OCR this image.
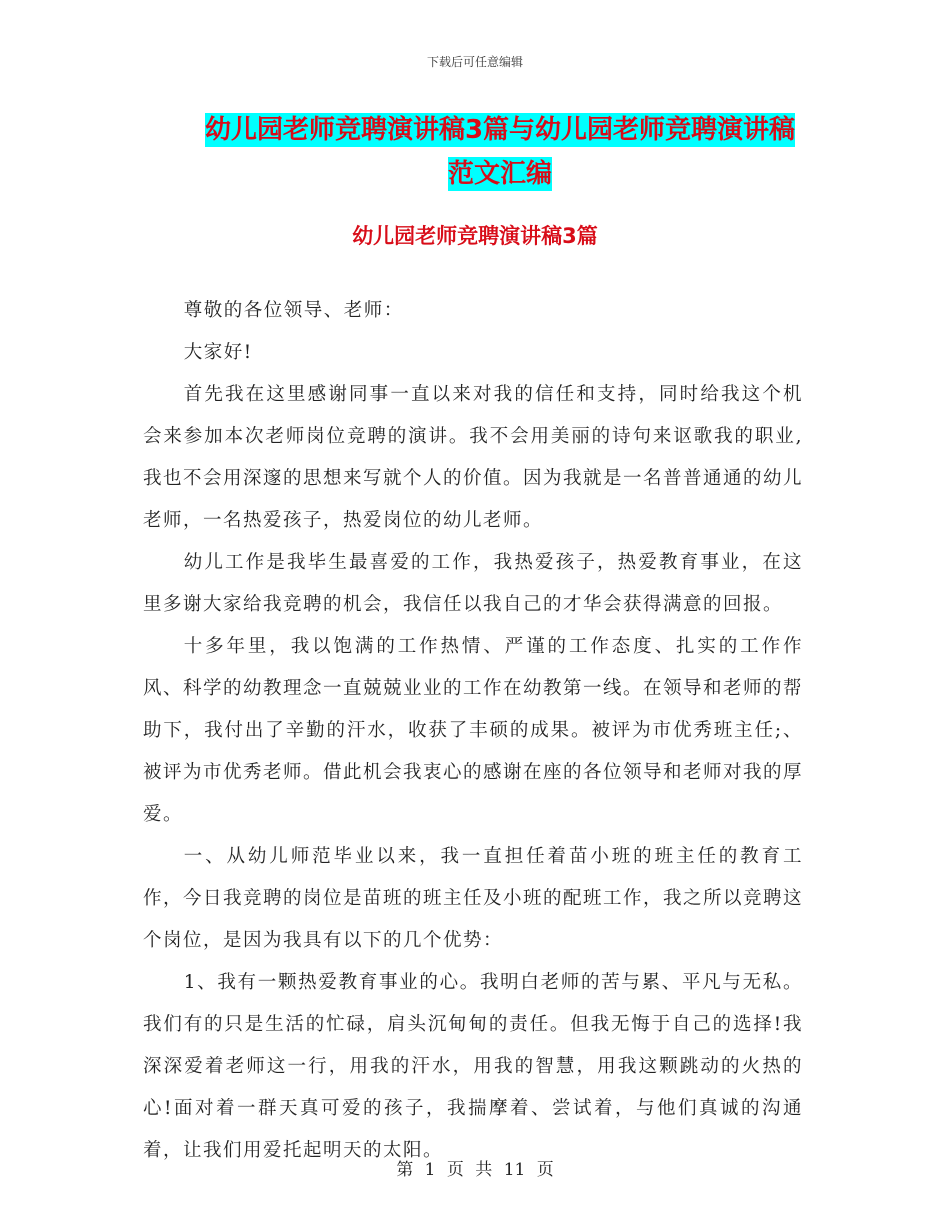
下载后可任意编辑
幼儿园老师竞聘演讲稿3篇与幼儿园老师竞聘演讲稿
范文汇编
幼儿园老师竞聘演讲稿3篇

尊敬的各位领导、老师：

大家好!

首先我在这里感谢同事一直以来对我的信任和支持，同时给我这个机会来参加本次老师岗位竞聘的演讲。我不会用美丽的诗句来讴歌我的职业,我也不会用深邃的思想来写就个人的价值。因为我就是一名普普通通的幼儿老师，一名热爱孩子，热爱岗位的幼儿老师。

幼儿工作是我毕生最喜爱的工作，我热爱孩子，热爱教育事业，在这里多谢大家给我竞聘的机会，我信任以我自己的才华会获得满意的回报。

十多年里，我以饱满的工作热情、严谨的工作态度、扎实的工作作风、科学的幼教理念一直兢兢业业的工作在幼教第一线。在领导和老师的帮助下，我付出了辛勤的汗水，收获了丰硕的成果。被评为市优秀班主任;、被评为市优秀老师。借此机会我衷心的感谢在座的各位领导和老师对我的厚爱。

一、从幼儿师范毕业以来，我一直担任着苗小班的班主任的教育工作，今日我竞聘的岗位是苗班的班主任及小班的配班工作，我之所以竞聘这个岗位，是因为我具有以下的几个优势：

1、我有一颗热爱教育事业的心。我明白老师的苦与累、平凡与无私。我们有的只是生活的忙碌，肩头沉甸甸的责任。但我无悔于自己的选择!我深深爱着老师这一行，用我的汗水，用我的智慧，用我这颗跳动的火热的心!面对着一群天真可爱的孩子，我揣摩着、尝试着，与他们真诚的沟通着，让我们用爱托起明天的太阳。

第 1 页 共 11 页
